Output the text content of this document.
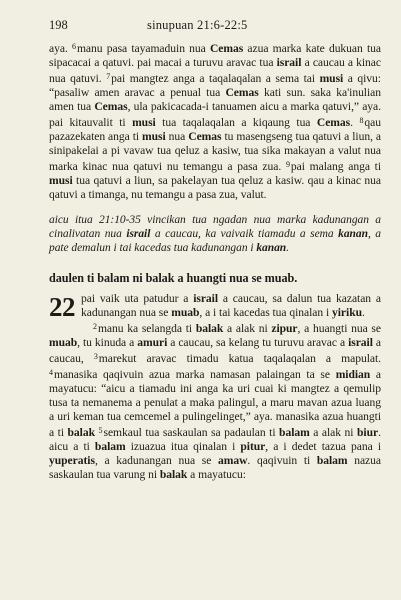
198	sinupuan 21:6-22:5

aya. $^6$manu pasa tayamaduin nua Cemas azua marka kate dukuan tua sipacacai a qatuvi. pai macai a turuvu aravac tua israil a caucau a kinac nua qatuvi. $^7$pai mangtez anga a taqalaqalan a sema tai musi a qivu: “pasaliw amen aravac a penual tua Cemas kati sun. saka ka'inulian amen tua Cemas, ula pakicacada-i tanuamen aicu a marka qatuvi,” aya. pai kitauvalit ti musi tua taqalaqalan a kiqaung tua Cemas. $^8$qau pazazekaten anga ti musi nua Cemas tu masengseng tua qatuvi a liun, a sinipakelai a pi vavaw tua qeluz a kasiw, tua sika makayan a valut nua marka kinac nua qatuvi nu temangu a pasa zua. $^9$pai malang anga ti musi tua qatuvi a liun, sa pakelayan tua qeluz a kasiw. qau a kinac nua qatuvi a timanga, nu temangu a pasa zua, valut.

aicu itua 21:10-35 vincikan tua ngadan nua marka kadunangan a cinalivatan nua israil a caucau, ka vaivaik tiamadu a sema kanan, a pate demalun i tai kacedas tua kadunangan i kanan.

daulen ti balam ni balak a huangti nua se muab.
22 pai vaik uta patudur a israil a caucau, sa dalun tua kazatan a kadunangan nua se muab, a i tai kacedas tua qinalan i yiriku.

$^2$manu ka selangda ti balak a alak ni zipur, a huangti nua se muab, tu kinuda a amuri a caucau, sa kelang tu turuvu aravac a israil a caucau, $^3$marekut aravac timadu katua taqalaqalan a mapulat. $^4$manasika qaqivuin azua marka namasan palaingan ta se midian a mayatucu: “aicu a tiamadu ini anga ka uri cuai ki mangtez a qemulip tusa ta nemanema a penulat a maka palingul, a maru mavan azua luang a uri keman tua cemcemel a pulingelinget,” aya. manasika azua huangti a ti balak $^5$semkaul tua saskaulan sa padaulan ti balam a alak ni biur. aicu a ti balam izuazua itua qinalan i pitur, a i dedet tazua pana i yuperatis, a kadunangan nua se amaw. qaqivuin ti balam nazua saskaulan tua varung ni balak a mayatucu:
